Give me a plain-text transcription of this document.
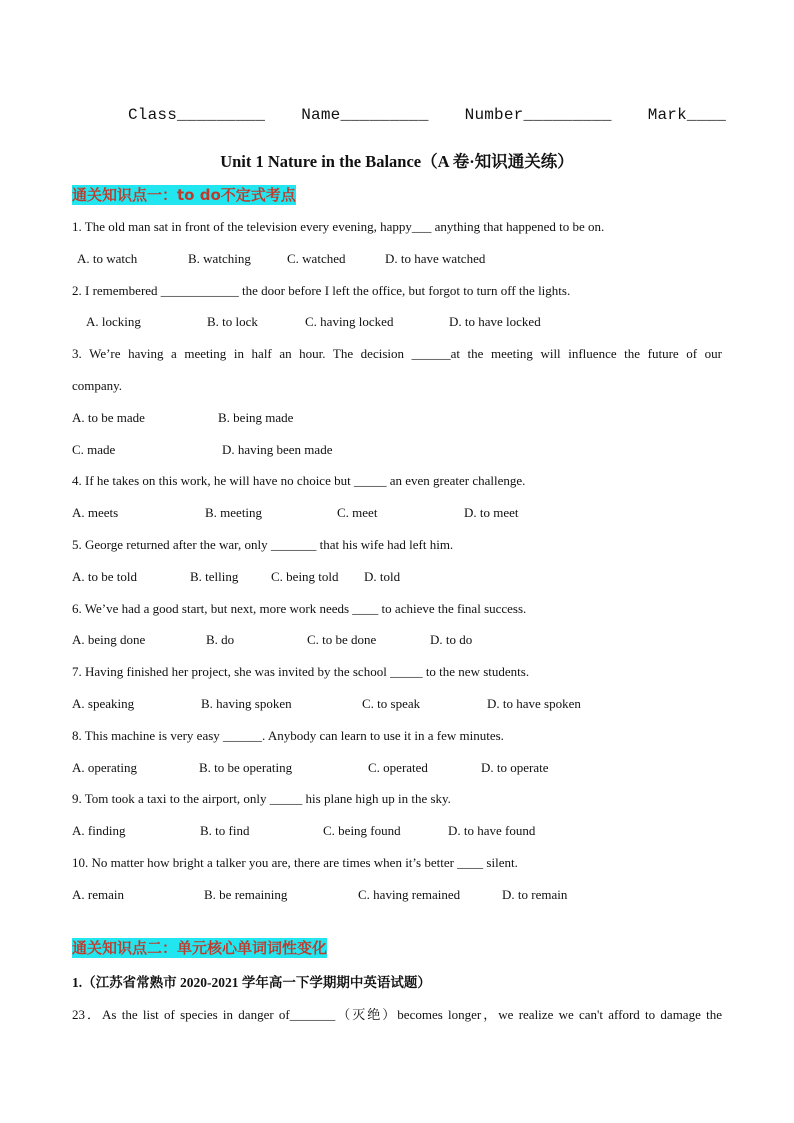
Class_________ Name_________ Number_________ Mark____
Unit 1 Nature in the Balance（A 卷·知识通关练）
通关知识点一：to do不定式考点
1. The old man sat in front of the television every evening, happy___ anything that happened to be on.
A. to watch	B. watching	C. watched	D. to have watched
2. I remembered ____________ the door before I left the office, but forgot to turn off the lights.
A. locking	B. to lock	C. having locked	D. to have locked
3. We’re having a meeting in half an hour. The decision ______at the meeting will influence the future of our
company.
A. to be made	B. being made
C. made	D. having been made
4. If he takes on this work, he will have no choice but _____ an even greater challenge.
A. meets	B. meeting	C. meet	D. to meet
5. George returned after the war, only _______ that his wife had left him.
A. to be told	B. telling	C. being told D. told
6. We’ve had a good start, but next, more work needs ____ to achieve the final success.
A. being done	B. do	C. to be done	D. to do
7. Having finished her project, she was invited by the school _____ to the new students.
A. speaking	B. having spoken	C. to speak	D. to have spoken
8. This machine is very easy ______. Anybody can learn to use it in a few minutes.
A. operating	B. to be operating	C. operated	D. to operate
9. Tom took a taxi to the airport, only _____ his plane high up in the sky.
A. finding	B. to find	C. being found	D. to have found
10. No matter how bright a talker you are, there are times when it’s better ____ silent.
A. remain	B. be remaining	C. having remained	D. to remain
通关知识点二：单元核心单词词性变化
1.（江苏省常熟市 2020-2021 学年高一下学期期中英语试题）
23．As the list of species in danger of_______（灭绝）becomes longer，we realize we can't afford to damage the
